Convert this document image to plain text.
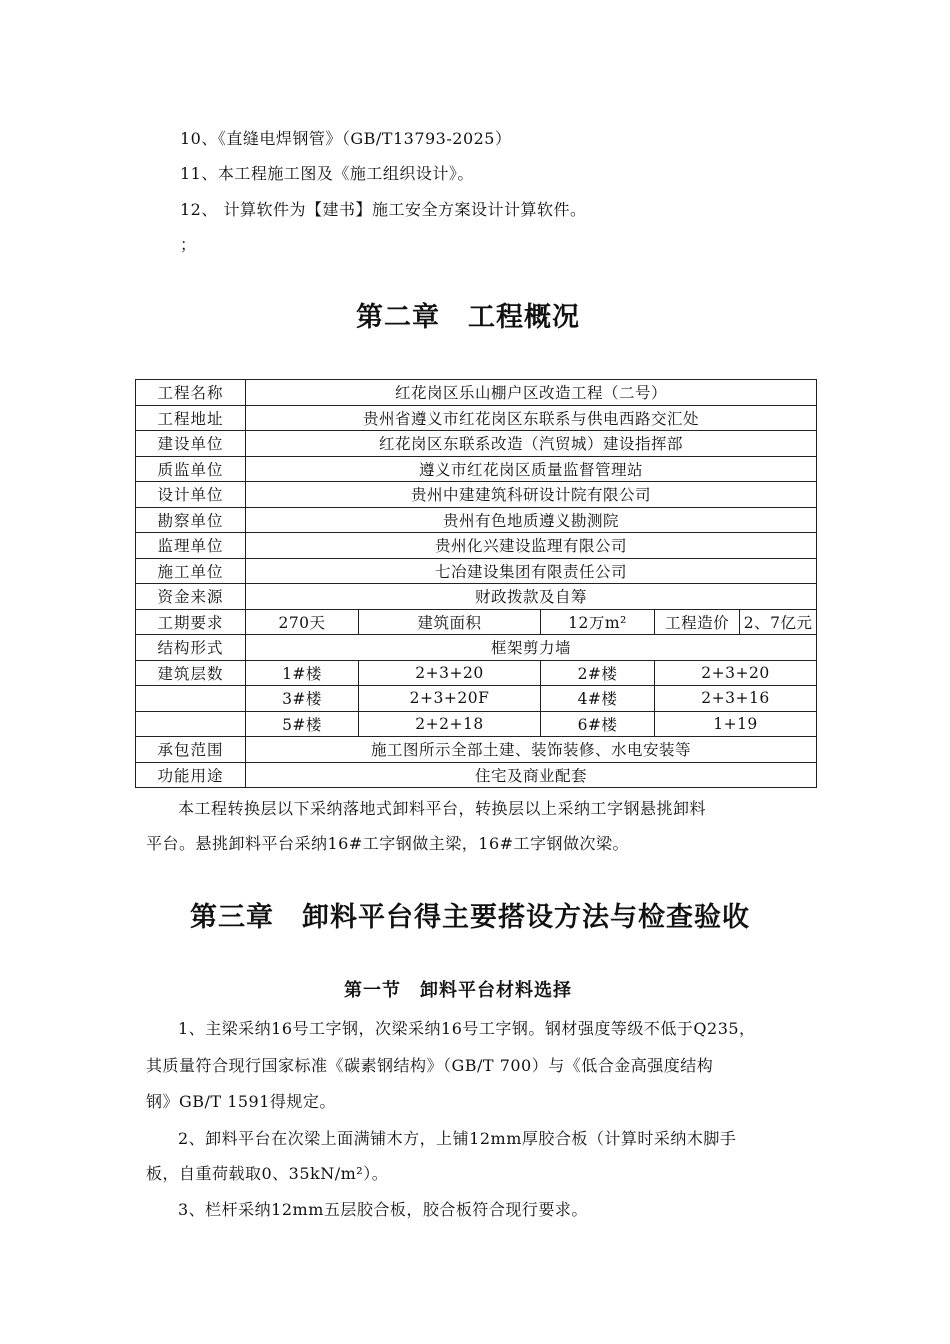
10、《直缝电焊钢管》（GB/T13793-2025）
11、本工程施工图及《施工组织设计》。
12、 计算软件为【建书】施工安全方案设计计算软件。
；
第二章　工程概况
工程名称	红花岗区乐山棚户区改造工程（二号）			
工程地址	贵州省遵义市红花岗区东联系与供电西路交汇处			
建设单位	红花岗区东联系改造（汽贸城）建设指挥部			
质监单位	遵义市红花岗区质量监督管理站			
设计单位	贵州中建建筑科研设计院有限公司			
勘察单位	贵州有色地质遵义勘测院			
监理单位	贵州化兴建设监理有限公司			
施工单位	七冶建设集团有限责任公司			
资金来源	财政拨款及自筹			
工期要求	270天	建筑面积	12万m²	工程造价 2、7亿元

结构形式	框架剪力墙			
建筑层数	1#楼	2+3+20	2#楼	2+3+20
	3#楼	2+3+20F	4#楼	2+3+16
	5#楼	2+2+18	6#楼	1+19
承包范围	施工图所示全部土建、装饰装修、水电安装等			
功能用途	住宅及商业配套			
本工程转换层以下采纳落地式卸料平台，转换层以上采纳工字钢悬挑卸料
平台。悬挑卸料平台采纳16#工字钢做主梁，16#工字钢做次梁。
第三章　卸料平台得主要搭设方法与检查验收
第一节　卸料平台材料选择
1、主梁采纳16号工字钢，次梁采纳16号工字钢。钢材强度等级不低于Q235，
其质量符合现行国家标准《碳素钢结构》（GB/T 700）与《低合金高强度结构
钢》GB/T 1591得规定。
2、卸料平台在次梁上面满铺木方，上铺12mm厚胶合板（计算时采纳木脚手
板，自重荷载取0、35kN/m²）。
3、栏杆采纳12mm五层胶合板，胶合板符合现行要求。
